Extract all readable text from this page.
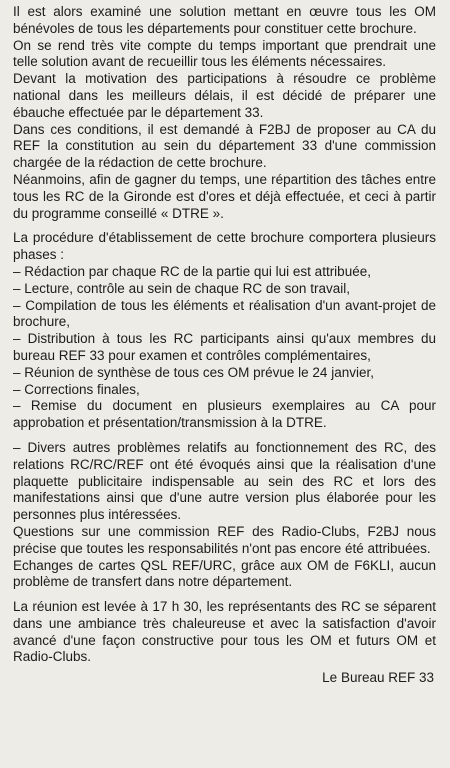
Il est alors examiné une solution mettant en œuvre tous les OM bénévoles de tous les départements pour constituer cette brochure.

On se rend très vite compte du temps important que prendrait une telle solution avant de recueillir tous les éléments nécessaires.

Devant la motivation des participations à résoudre ce problème national dans les meilleurs délais, il est décidé de préparer une ébauche effectuée par le département 33.

Dans ces conditions, il est demandé à F2BJ de proposer au CA du REF la constitution au sein du département 33 d'une commission chargée de la rédaction de cette brochure.

Néanmoins, afin de gagner du temps, une répartition des tâches entre tous les RC de la Gironde est d'ores et déjà effectuée, et ceci à partir du programme conseillé « DTRE ».

La procédure d'établissement de cette brochure comportera plusieurs phases :

– Rédaction par chaque RC de la partie qui lui est attribuée,
– Lecture, contrôle au sein de chaque RC de son travail,
– Compilation de tous les éléments et réalisation d'un avant-projet de brochure,
– Distribution à tous les RC participants ainsi qu'aux membres du bureau REF 33 pour examen et contrôles complémentaires,
– Réunion de synthèse de tous ces OM prévue le 24 janvier,
– Corrections finales,
– Remise du document en plusieurs exemplaires au CA pour approbation et présentation/transmission à la DTRE.

– Divers autres problèmes relatifs au fonctionnement des RC, des relations RC/RC/REF ont été évoqués ainsi que la réalisation d'une plaquette publicitaire indispensable au sein des RC et lors des manifestations ainsi que d'une autre version plus élaborée pour les personnes plus intéressées.

Questions sur une commission REF des Radio-Clubs, F2BJ nous précise que toutes les responsabilités n'ont pas encore été attribuées.

Echanges de cartes QSL REF/URC, grâce aux OM de F6KLI, aucun problème de transfert dans notre département.

La réunion est levée à 17 h 30, les représentants des RC se séparent dans une ambiance très chaleureuse et avec la satisfaction d'avoir avancé d'une façon constructive pour tous les OM et futurs OM et Radio-Clubs.

Le Bureau REF 33
